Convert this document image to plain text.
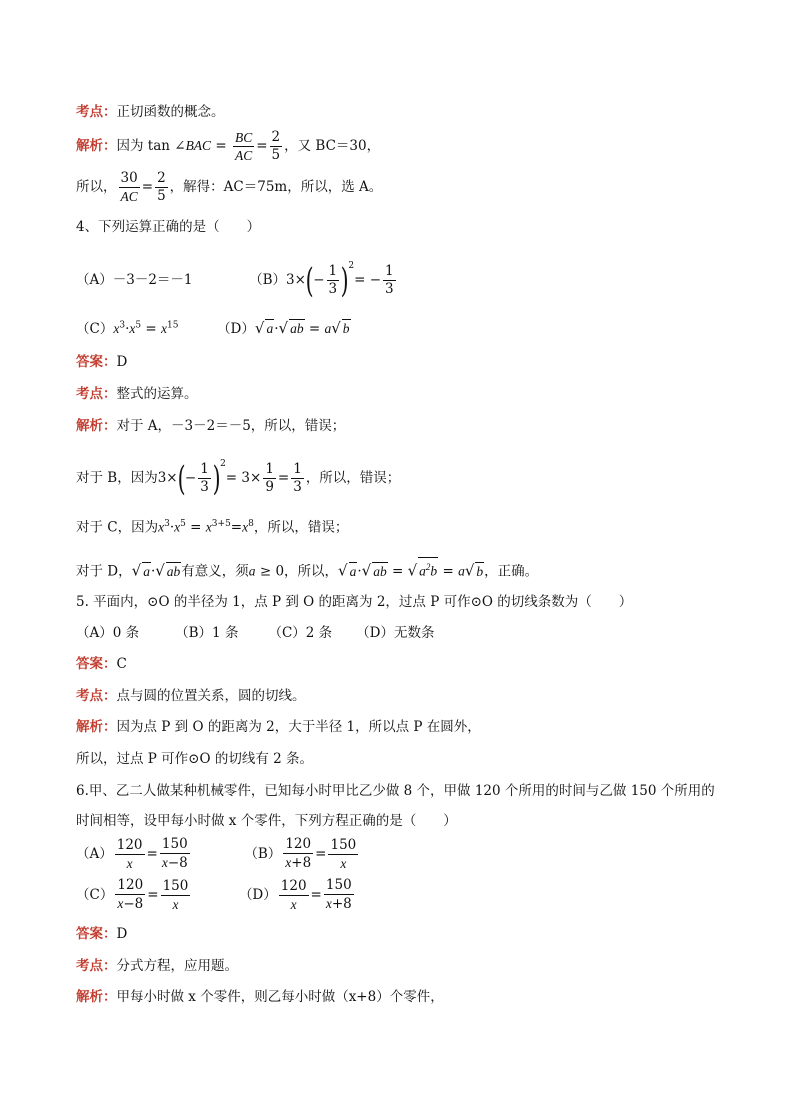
考点：正切函数的概念。
解析：因为 tan ∠BAC = $\frac{BC}{AC} = \frac{2}{5}$ ，又 BC＝30，
所以， $\frac{30}{AC} = \frac{2}{5}$ ，解得：AC＝75m，所以，选 A。
4、下列运算正确的是（　　）
（A）－3－2＝－1	$(B)3\times(- \frac{1}{3} )^2= - \frac{1}{3}$
$(C)x^3\cdot x^5 = x^{15}$	（D）√ a·√ ab = a√ b
答案：D
考点：整式的运算。
解析：对于 A，－3－2＝－5，所以，错误；
对于 B，因为$3\times(- \frac{1}{3} )^2= 3\times \frac{1}{9} = \frac{1}{3}$ ，所以，错误；
对于 C，因为$x^3\cdot x^5 = x^{3+5}=x^8$，所以，错误；
对于 D，√ a·√ ab有意义，须a ≥ 0，所以，√ a·√ ab = √ $a^2b = a√$ b，正确。
5. 平面内，⊙O 的半径为 1，点 P 到 O 的距离为 2，过点 P 可作⊙O 的切线条数为（　　）
（A）0 条	（B）1 条 （C）2 条 （D）无数条
答案：C
考点：点与圆的位置关系，圆的切线。
解析：因为点 P 到 O 的距离为 2，大于半径 1，所以点 P 在圆外，
所以，过点 P 可作⊙O 的切线有 2 条。
6.甲、乙二人做某种机械零件，已知每小时甲比乙少做 8 个，甲做 120 个所用的时间与乙做 150 个所用的
时间相等，设甲每小时做 x 个零件，下列方程正确的是（　　）
$(A) \frac{120}{x} = \frac{150}{x-8}$	$(B) \frac{120}{x+8} = \frac{150}{x}$
$(C) \frac{120}{x-8} = \frac{150}{x}$	$(D) \frac{120}{x} = \frac{150}{x+8}$
答案：D
考点：分式方程，应用题。
解析：甲每小时做 x 个零件，则乙每小时做（x+8）个零件，
